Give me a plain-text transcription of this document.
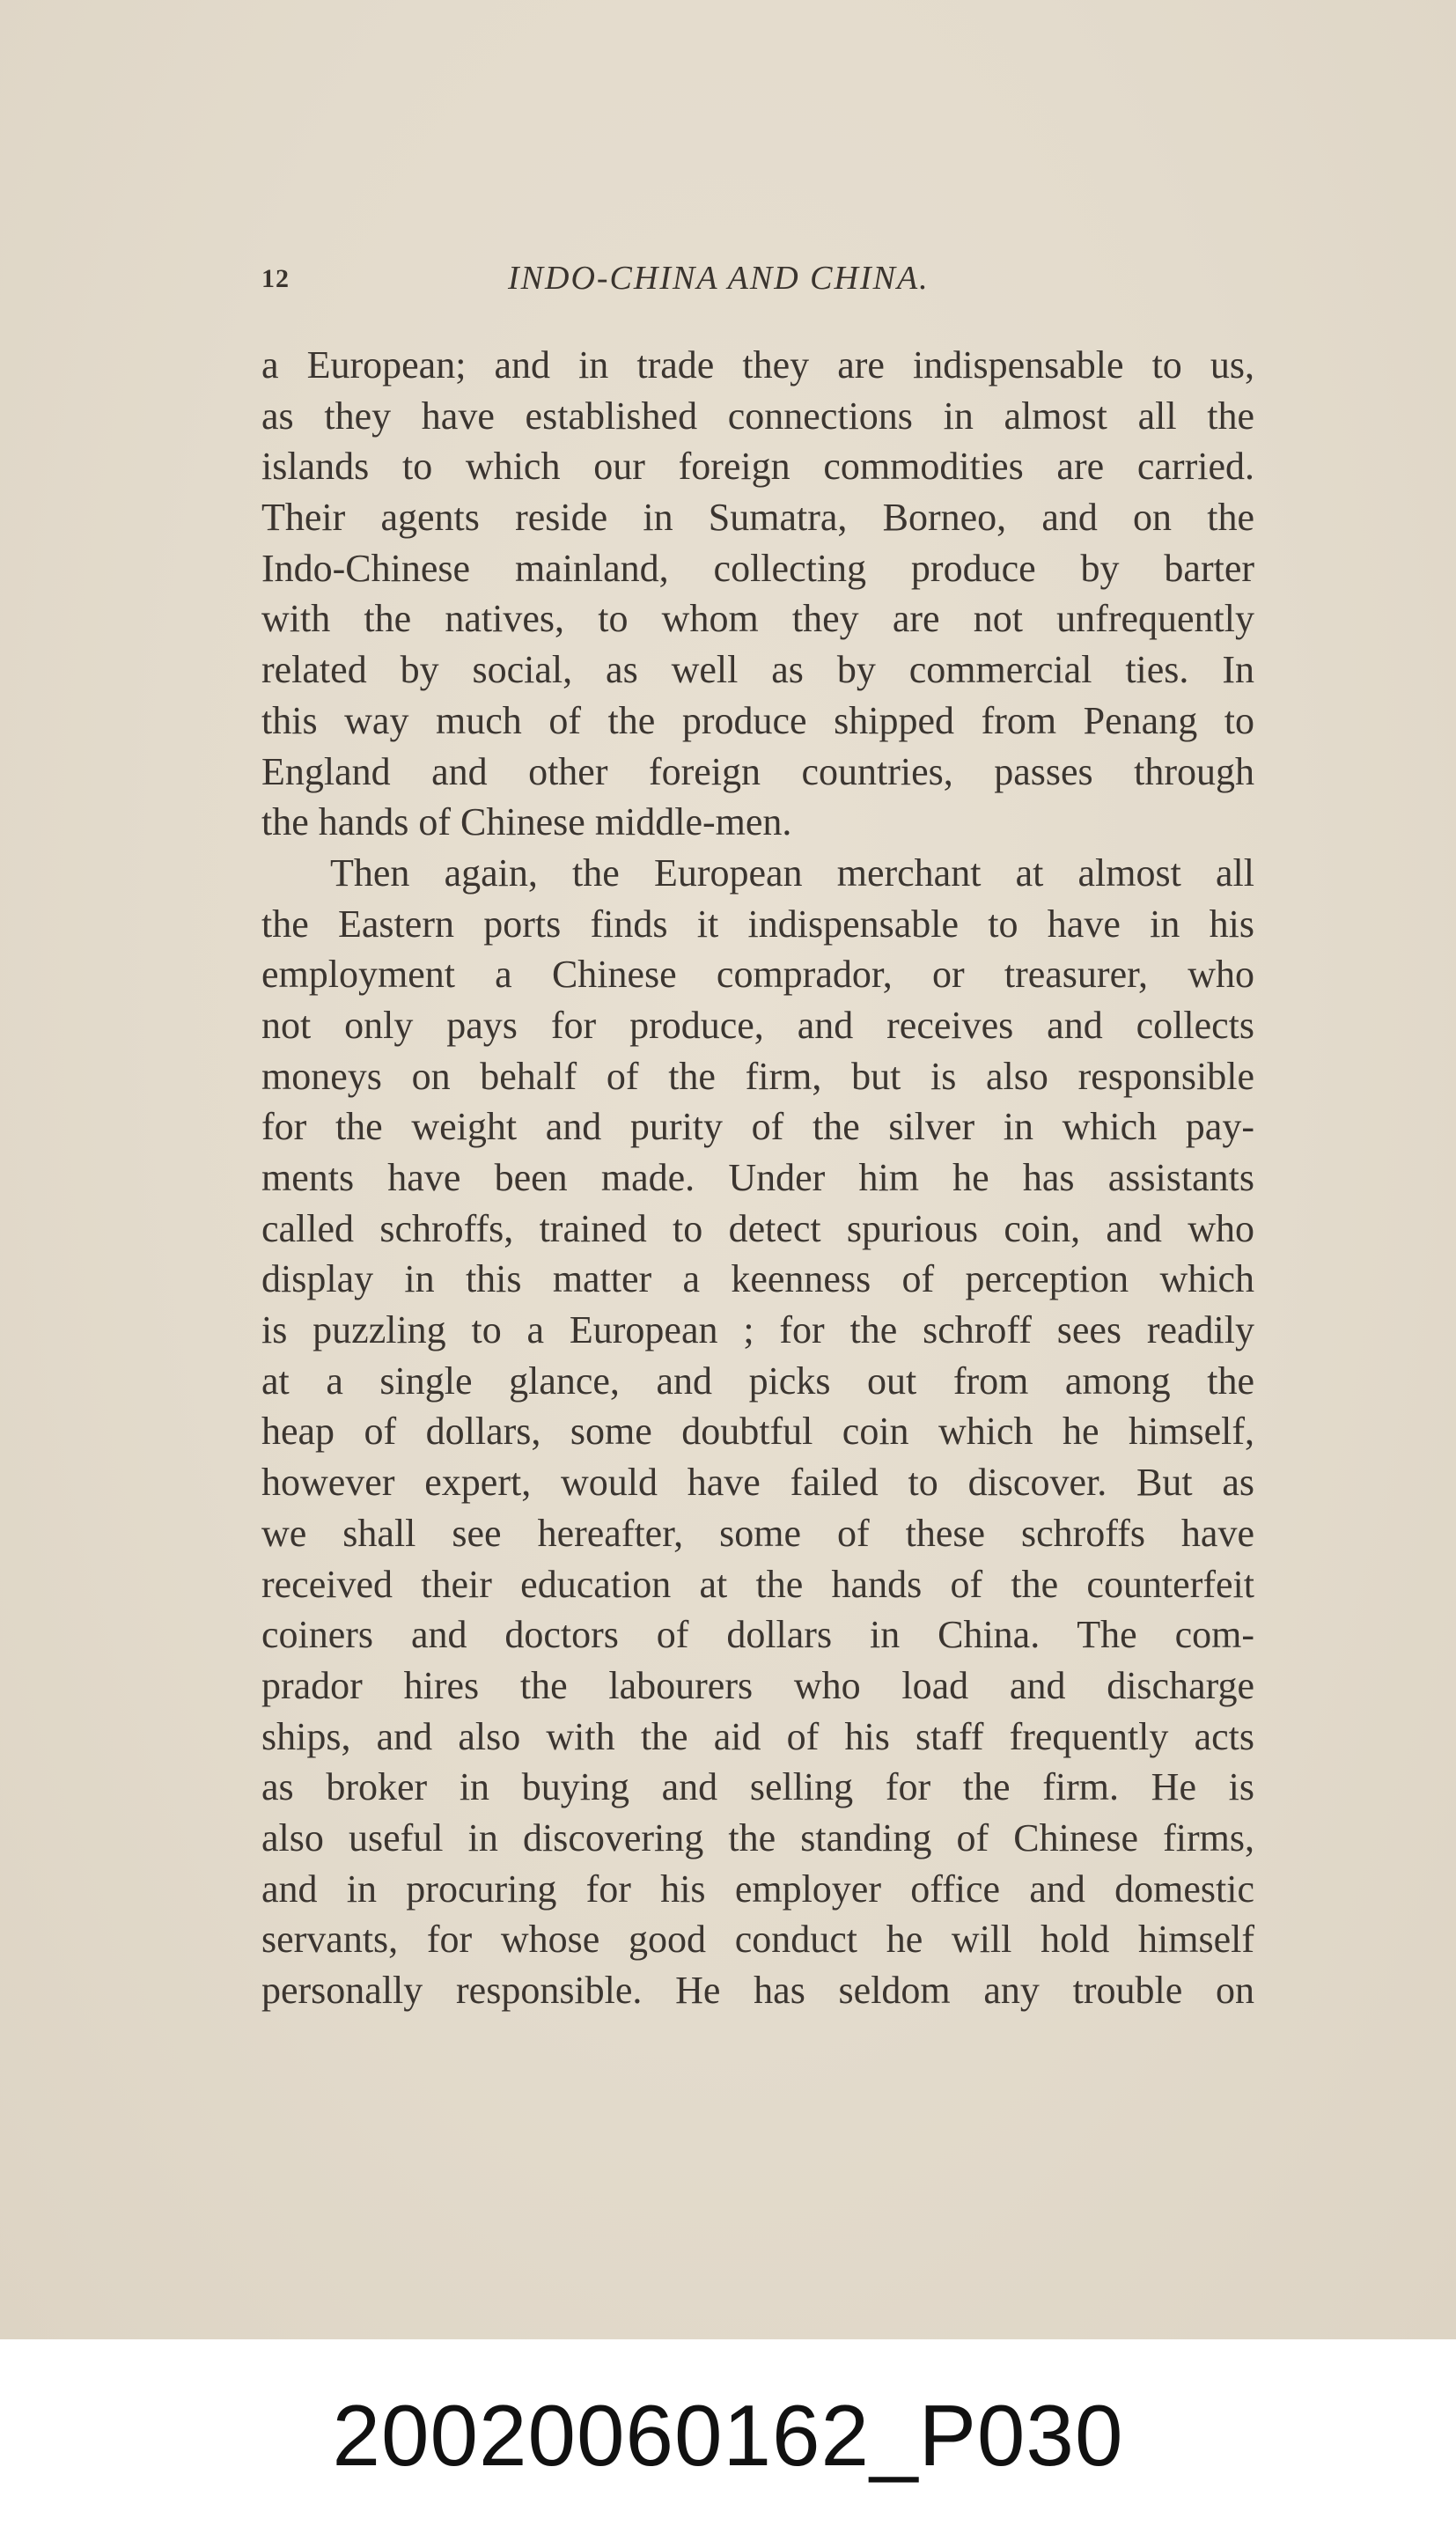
12	INDO-CHINA AND CHINA.
a European; and in trade they are indispensable to us,
as they have established connections in almost all the
islands to which our foreign commodities are carried.
Their agents reside in Sumatra, Borneo, and on the
Indo-Chinese mainland, collecting produce by barter
with the natives, to whom they are not unfrequently
related by social, as well as by commercial ties. In
this way much of the produce shipped from Penang to
England and other foreign countries, passes through
the hands of Chinese middle-men.
Then again, the European merchant at almost all
the Eastern ports finds it indispensable to have in his
employment a Chinese comprador, or treasurer, who
not only pays for produce, and receives and collects
moneys on behalf of the firm, but is also responsible
for the weight and purity of the silver in which pay-
ments have been made. Under him he has assistants
called schroffs, trained to detect spurious coin, and who
display in this matter a keenness of perception which
is puzzling to a European ; for the schroff sees readily
at a single glance, and picks out from among the
heap of dollars, some doubtful coin which he himself,
however expert, would have failed to discover. But as
we shall see hereafter, some of these schroffs have
received their education at the hands of the counterfeit
coiners and doctors of dollars in China. The com-
prador hires the labourers who load and discharge
ships, and also with the aid of his staff frequently acts
as broker in buying and selling for the firm. He is
also useful in discovering the standing of Chinese firms,
and in procuring for his employer office and domestic
servants, for whose good conduct he will hold himself
personally responsible. He has seldom any trouble on
20020060162_P030
